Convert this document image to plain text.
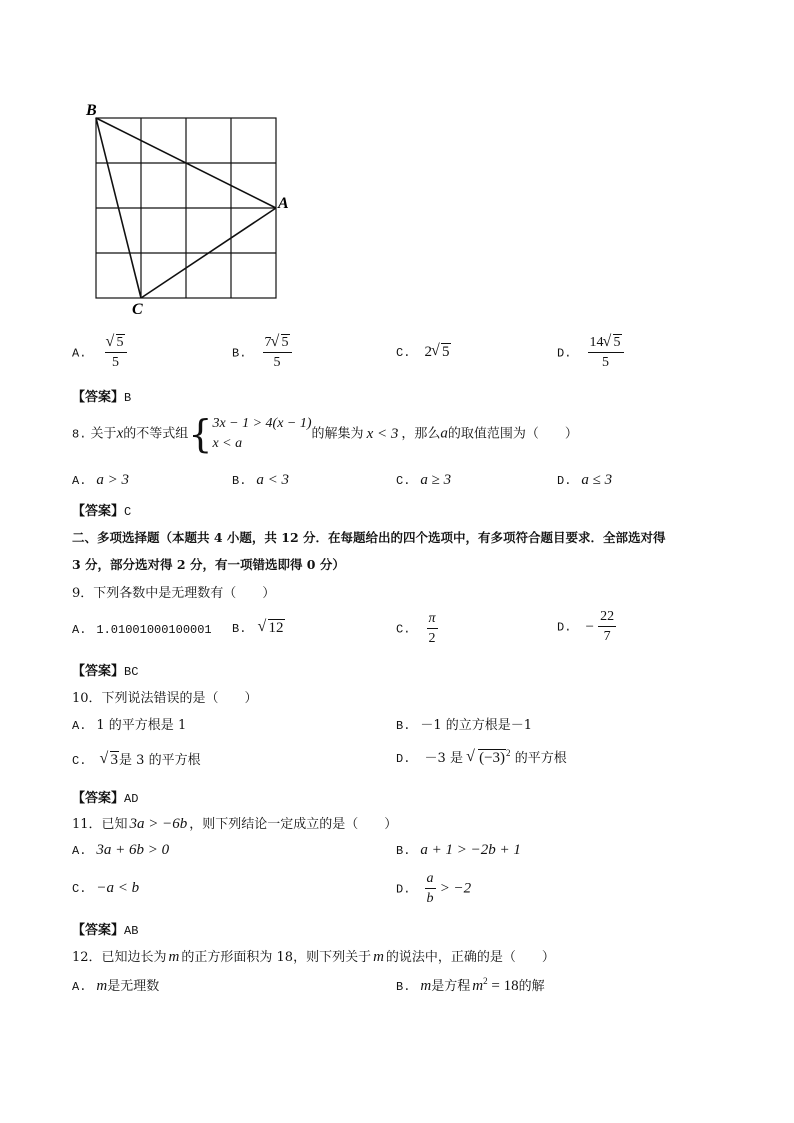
B
A
C
A. √ $\frac{5}{5}$	B. $\frac{7 √ 5}{5}$	C. 2 √ 5	D. $\frac{14 √ 5}{5}$
【答案】B
8. 关于x的不等式组{ 3x − 1 > 4(x − 1)
x < a
的解集为 x < 3 ，那么a的取值范围为（　　）
A. a > 3	B. a < 3	C. a ≥ 3	D. a ≤ 3
【答案】C
二、多项选择题（本题共 4 小题，共 12 分．在每题给出的四个选项中，有多项符合题目要求．全部选对得
3 分，部分选对得 2 分，有一项错选即得 0 分）
9．下列各数中是无理数有（　　）
A. 1.01001000100001 B. √ 12	C. $\frac{\pi}{2}$	D. − $\frac{22}{7}$
【答案】BC
10．下列说法错误的是（　　）
A. 1 的平方根是 1	B. －1 的立方根是－1
C. √ 3是 3 的平方根	D. －3 是 √ $(-3)^2$ 的平方根
【答案】AD
11．已知 3a > −6b ，则下列结论一定成立的是（　　）
A. 3a + 6b > 0	B. a + 1 > −2b + 1
C. −a < b	D. $\frac{a}{b} > -2$
【答案】AB
12．已知边长为 m 的正方形面积为 18，则下列关于 m 的说法中，正确的是（　　）
A. m是无理数	B. m是方程 $m^2 = 18$的解
